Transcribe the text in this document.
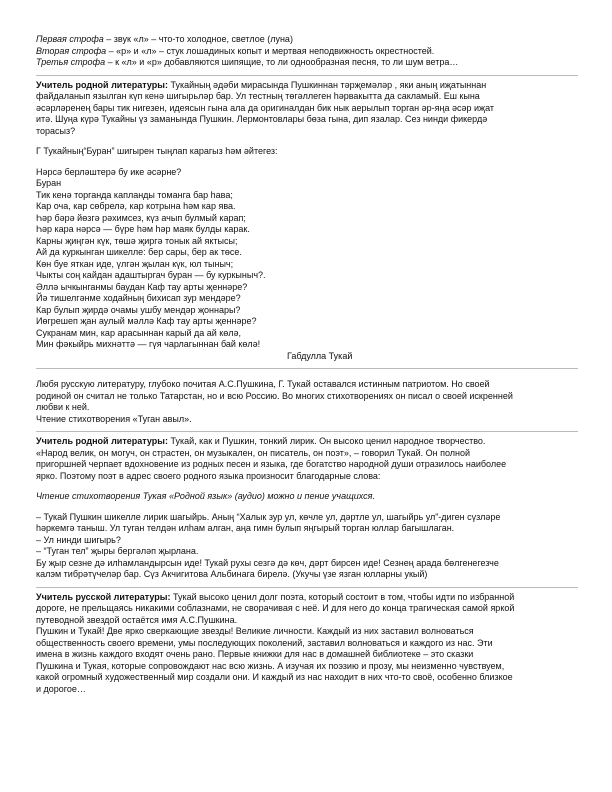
Первая строфа – звук «л» – что-то холодное, светлое (луна)

Вторая строфа – «р» и «л» – стук лошадиных копыт и мертвая неподвижность окрестностей.

Третья строфа – к «л» и «р» добавляются шипящие, то ли однообразная песня, то ли шум ветра…

Учитель родной литературы: Тукайның әдәби мирасында Пушкиннан тәрҗемәләр , яки аның иҗатыннан

файдаланып язылган күп кенә шигырьләр бар. Ул тестның төгәллеген һәрвакытта да сакламый. Еш кына

әсәрләренең бары тик нигезен, идеясын гына ала да оригиналдан бик нык аерылып торган әр-яңа әсәр иҗат

итә. Шуңа күрә Тукайны үз заманында Пушкин. Лермонтовлары бөза гына, дип язалар. Сез нинди фикердә

торасыз?

Г Тукайның“Буран” шигырен тыңлап карагыз һәм әйтегез:

Нәрсә берләштерә бу ике әсәрне?

Буран

Тик кенә торганда капланды томанга бар һава;

Кар оча, кар сөбрелә, кар котрына һәм кар ява.

Һәр бәрә йөзгә рәхимсез, күз ачып булмый карап;

Һәр кара нәрсә — бүре һәм һәр маяк булды карак.

Карны җиңгән күк, төшә җиргә тонык ай яктысы;

Ай да куркынган шикелле: бер сары, бер ак төсе.

Көн буе яткан иде, үлгән җылан күк, юл тыныч;

Чыкты соң кайдан адаштыргач буран — бу куркыныч?.

Әллә ычкынганмы баудан Каф тау арты җеннәре?

Йә тишелгәнме ходайның бихисап зур мендәре?

Кар булып җирдә очамы ушбу мендәр җоннары?

Иөгрешеп җан аулый мәллә Каф тау арты җеннәре?

Сукранам мин, кар арасыннан карый да ай көлә,

Мин фәкыйрь михнәттә — гүя чарлагыннан бай көлә!

Габдулла Тукай

Любя русскую литературу, глубоко почитая А.С.Пушкина, Г. Тукай оставался истинным патриотом. Но своей

родиной он считал не только Татарстан, но и всю Россию. Во многих стихотворениях он писал о своей искренней

любви к ней.

Чтение стихотворения «Туган авыл».

Учитель родной литературы: Тукай, как и Пушкин, тонкий лирик. Он высоко ценил народное творчество.

«Народ велик, он могуч, он страстен, он музыкален, он писатель, он поэт», – говорил Тукай. Он полной

пригоршней черпает вдохновение из родных песен и языка, где богатство народной души отразилось наиболее

ярко. Поэтому поэт в адрес своего родного языка произносит благодарные слова:

Чтение стихотворения Тукая «Родной язык» (аудио) можно и пение учащихся.

– Тукай Пушкин шикелле лирик шагыйрь. Аның “Халык зур ул, көчле ул, дәртле ул, шагыйрь ул”-диген сүзләре

һәркемгә таныш. Ул туган телдән илһам алган, аңа гимн булып яңгырый торган юллар багышлаган.

– Ул нинди шигырь?

– “Туган тел” җыры бергәләп җырлана.

Бу җыр сезне дә илһамландырсын иде! Тукай рухы сезгә дә көч, дәрт бирсен иде! Сезнең арада бөлгенегезче

калэм тибрәтүчеләр бар. Сүз Акчигитова Альбинага бирелә. (Укучы үзе язган юлларны укый)

Учитель русской литературы: Тукай высоко ценил долг поэта, который состоит в том, чтобы идти по избранной

дороге, не прельщаясь никакими соблазнами, не сворачивая с неё. И для него до конца трагическая самой яркой

путеводной звездой остаётся имя А.С.Пушкина.

Пушкин и Тукай! Две ярко сверкающие звезды! Великие личности. Каждый из них заставил волноваться

общественность своего времени, умы последующих поколений, заставил волноваться и каждого из нас. Эти

имена в жизнь каждого входят очень рано. Первые книжки для нас в домашней библиотеке – это сказки

Пушкина и Тукая, которые сопровождают нас всю жизнь. А изучая их поэзию и прозу, мы неизменно чувствуем,

какой огромный художественный мир создали они. И каждый из нас находит в них что-то своё, особенно близкое

и дорогое…
